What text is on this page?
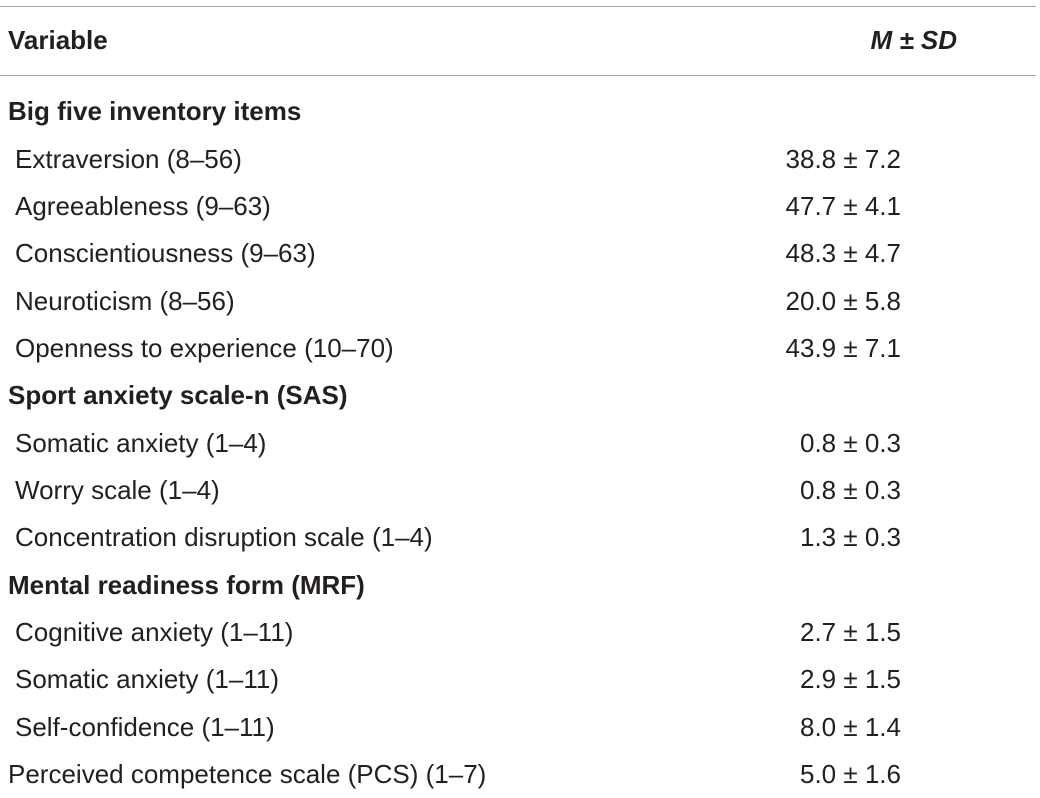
Variable	M ± SD
Big five inventory items
Extraversion (8–56)	38.8 ± 7.2
Agreeableness (9–63)	47.7 ± 4.1
Conscientiousness (9–63)	48.3 ± 4.7
Neuroticism (8–56)	20.0 ± 5.8
Openness to experience (10–70)	43.9 ± 7.1
Sport anxiety scale-n (SAS)
Somatic anxiety (1–4)	0.8 ± 0.3
Worry scale (1–4)	0.8 ± 0.3
Concentration disruption scale (1–4)	1.3 ± 0.3
Mental readiness form (MRF)
Cognitive anxiety (1–11)	2.7 ± 1.5
Somatic anxiety (1–11)	2.9 ± 1.5
Self-confidence (1–11)	8.0 ± 1.4
Perceived competence scale (PCS) (1–7)	5.0 ± 1.6
